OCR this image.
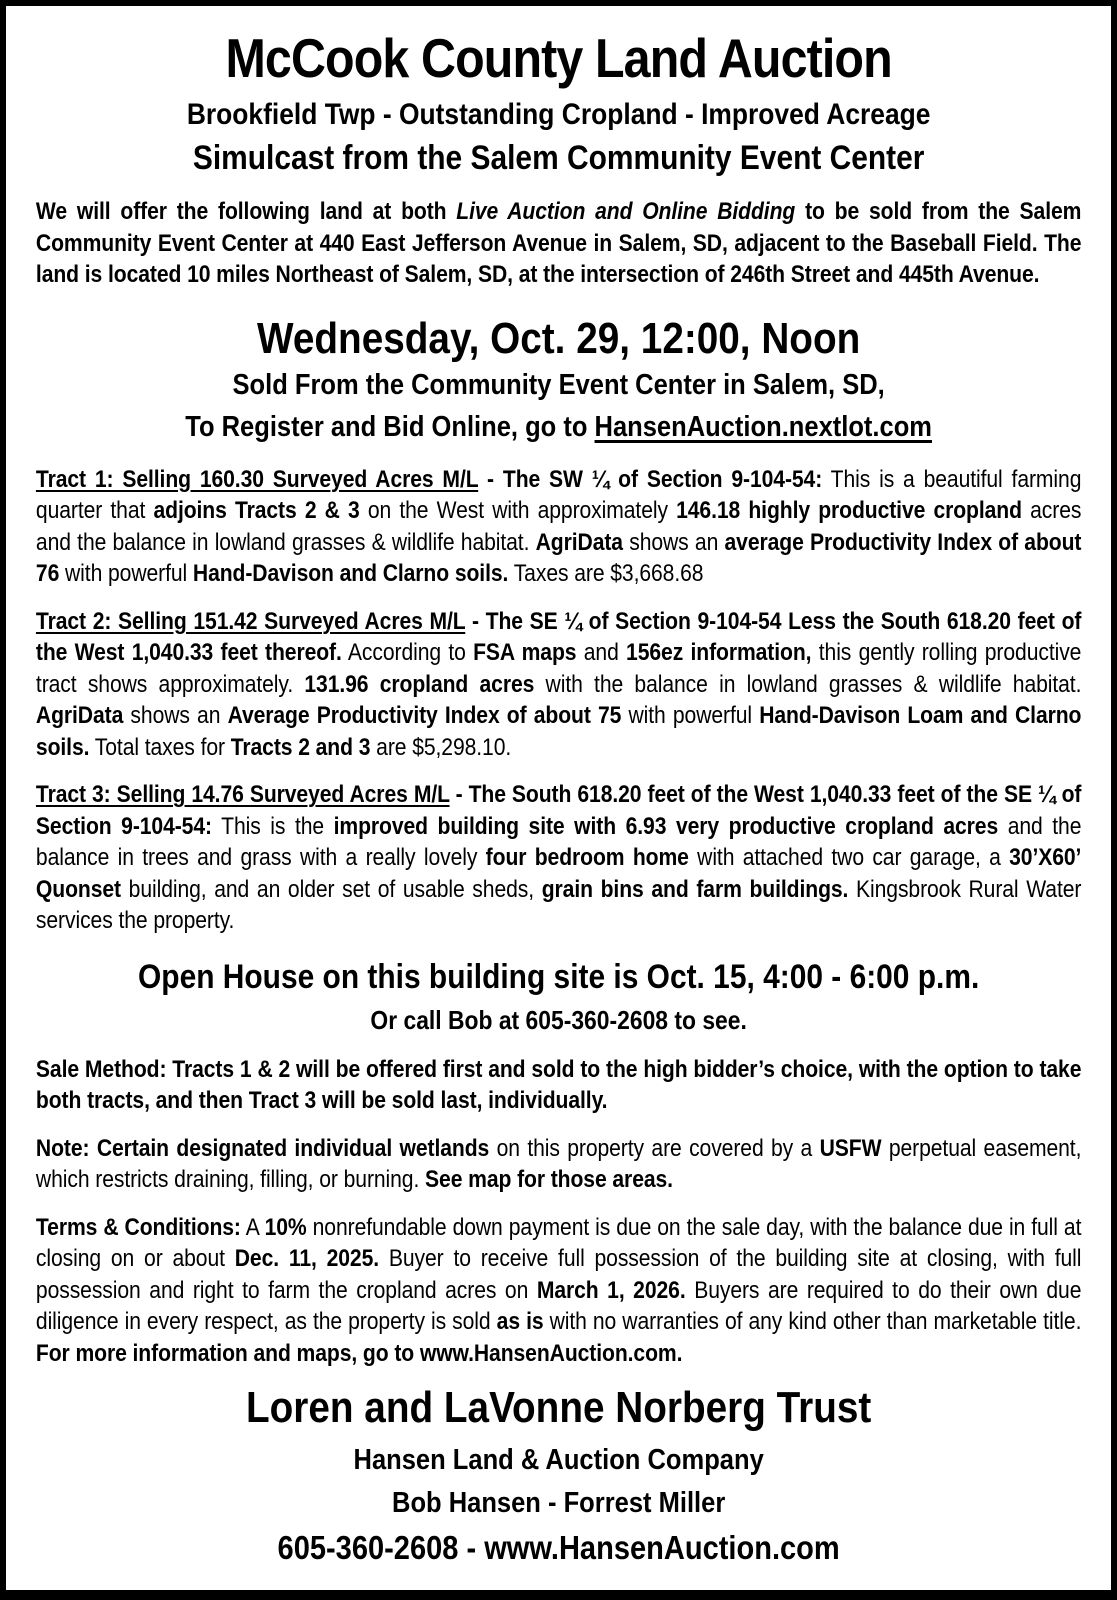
McCook County Land Auction
Brookfield Twp - Outstanding Cropland - Improved Acreage
Simulcast from the Salem Community Event Center

We will offer the following land at both Live Auction and Online Bidding to be sold from the Salem Community Event Center at 440 East Jefferson Avenue in Salem, SD, adjacent to the Baseball Field. The land is located 10 miles Northeast of Salem, SD, at the intersection of 246th Street and 445th Avenue.

Wednesday, Oct. 29, 12:00, Noon
Sold From the Community Event Center in Salem, SD,
To Register and Bid Online, go to HansenAuction.nextlot.com

Tract 1: Selling 160.30 Surveyed Acres M/L - The SW ¼ of Section 9-104-54: This is a beautiful farming quarter that adjoins Tracts 2 & 3 on the West with approximately 146.18 highly productive cropland acres and the balance in lowland grasses & wildlife habitat. AgriData shows an average Productivity Index of about 76 with powerful Hand-Davison and Clarno soils. Taxes are $3,668.68

Tract 2: Selling 151.42 Surveyed Acres M/L - The SE ¼ of Section 9-104-54 Less the South 618.20 feet of the West 1,040.33 feet thereof. According to FSA maps and 156ez information, this gently rolling productive tract shows approximately. 131.96 cropland acres with the balance in lowland grasses & wildlife habitat. AgriData shows an Average Productivity Index of about 75 with powerful Hand-Davison Loam and Clarno soils. Total taxes for Tracts 2 and 3 are $5,298.10.

Tract 3: Selling 14.76 Surveyed Acres M/L - The South 618.20 feet of the West 1,040.33 feet of the SE ¼ of Section 9-104-54: This is the improved building site with 6.93 very productive cropland acres and the balance in trees and grass with a really lovely four bedroom home with attached two car garage, a 30’X60’ Quonset building, and an older set of usable sheds, grain bins and farm buildings. Kingsbrook Rural Water services the property.

Open House on this building site is Oct. 15, 4:00 - 6:00 p.m.
Or call Bob at 605-360-2608 to see.

Sale Method: Tracts 1 & 2 will be offered first and sold to the high bidder’s choice, with the option to take both tracts, and then Tract 3 will be sold last, individually.

Note: Certain designated individual wetlands on this property are covered by a USFW perpetual easement, which restricts draining, filling, or burning. See map for those areas.

Terms & Conditions: A 10% nonrefundable down payment is due on the sale day, with the balance due in full at closing on or about Dec. 11, 2025. Buyer to receive full possession of the building site at closing, with full possession and right to farm the cropland acres on March 1, 2026. Buyers are required to do their own due diligence in every respect, as the property is sold as is with no warranties of any kind other than marketable title. For more information and maps, go to www.HansenAuction.com.

Loren and LaVonne Norberg Trust
Hansen Land & Auction Company
Bob Hansen - Forrest Miller
605-360-2608 - www.HansenAuction.com
